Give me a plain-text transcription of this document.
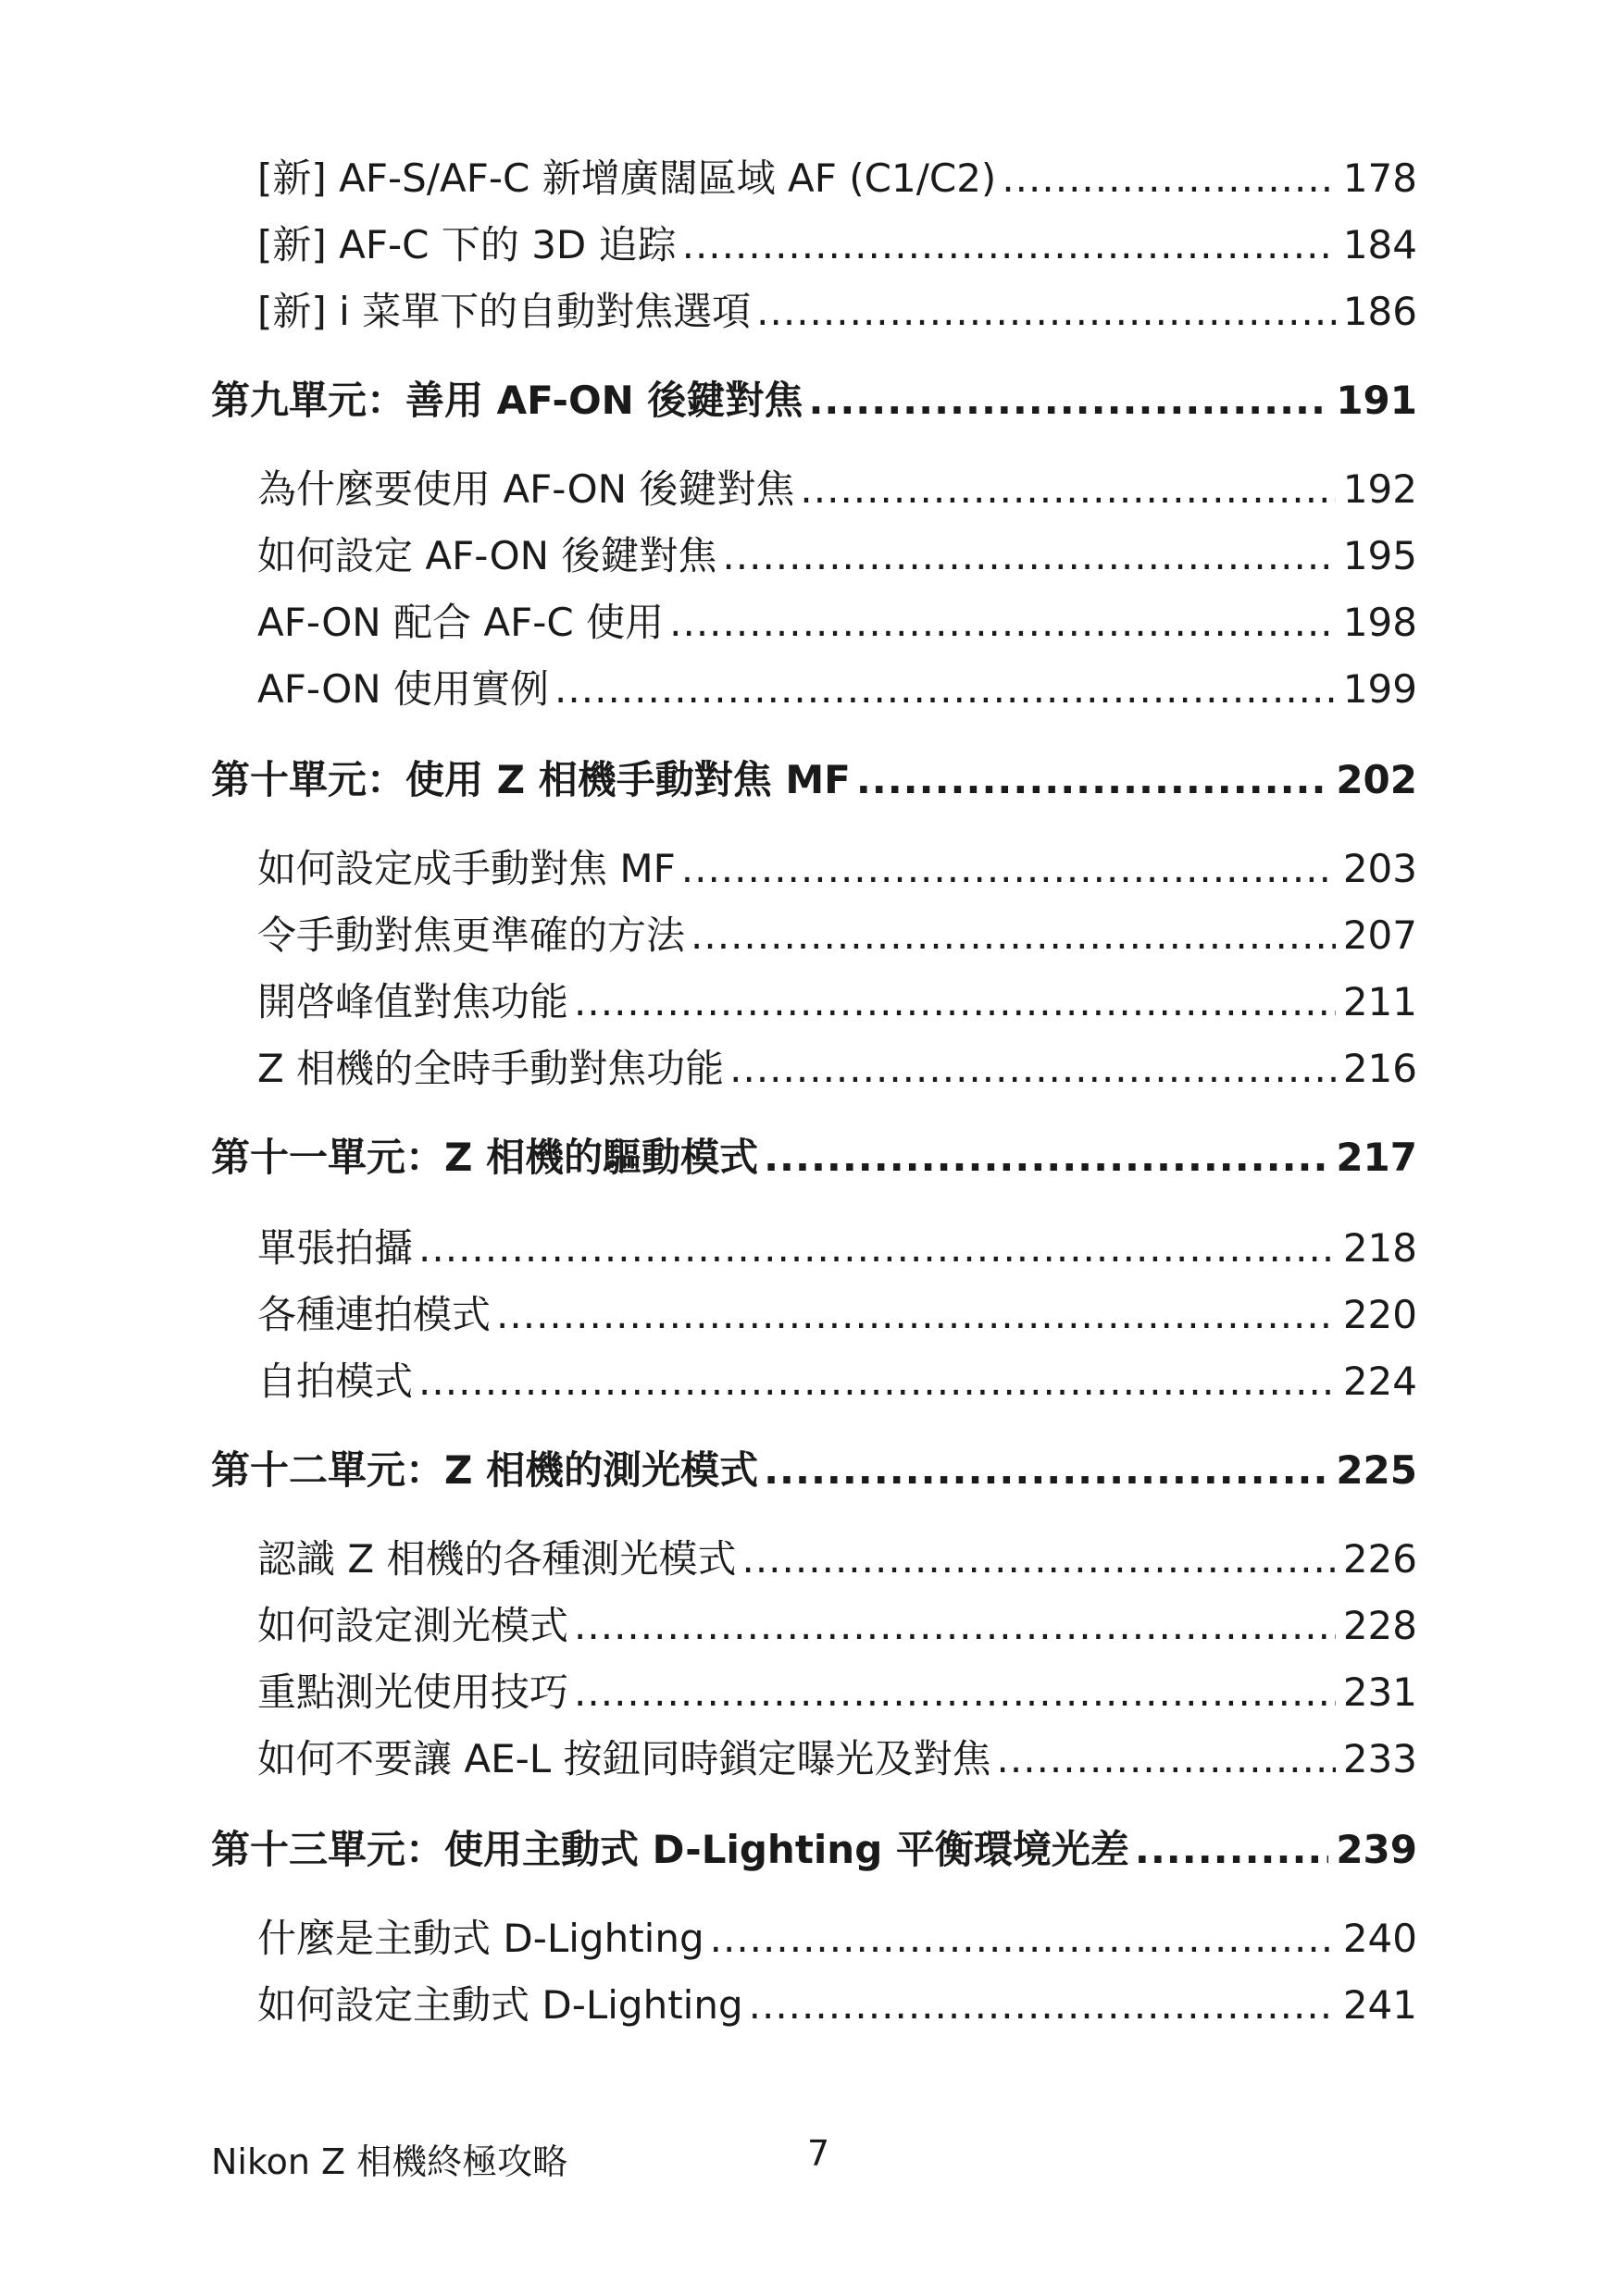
[新] AF-S/AF-C 新增廣闊區域 AF (C1/C2) .....	178
[新] AF-C 下的 3D 追踪 .....	184
[新] i 菜單下的自動對焦選項 .....	186
第九單元：善用 AF-ON 後鍵對焦 .....	191
為什麼要使用 AF-ON 後鍵對焦 .....	192
如何設定 AF-ON 後鍵對焦 .....	195
AF-ON 配合 AF-C 使用 .....	198
AF-ON 使用實例 .....	199
第十單元：使用 Z 相機手動對焦 MF .....	202
如何設定成手動對焦 MF .....	203
令手動對焦更準確的方法 .....	207
開啓峰值對焦功能 .....	211
Z 相機的全時手動對焦功能 .....	216
第十一單元：Z 相機的驅動模式 .....	217
單張拍攝 .....	218
各種連拍模式 .....	220
自拍模式 .....	224
第十二單元：Z 相機的測光模式 .....	225
認識 Z 相機的各種測光模式 .....	226
如何設定測光模式 .....	228
重點測光使用技巧 .....	231
如何不要讓 AE-L 按鈕同時鎖定曝光及對焦 .....	233
第十三單元：使用主動式 D-Lighting 平衡環境光差 .....	239
什麼是主動式 D-Lighting .....	240
如何設定主動式 D-Lighting .....	241
Nikon Z 相機終極攻略	7
